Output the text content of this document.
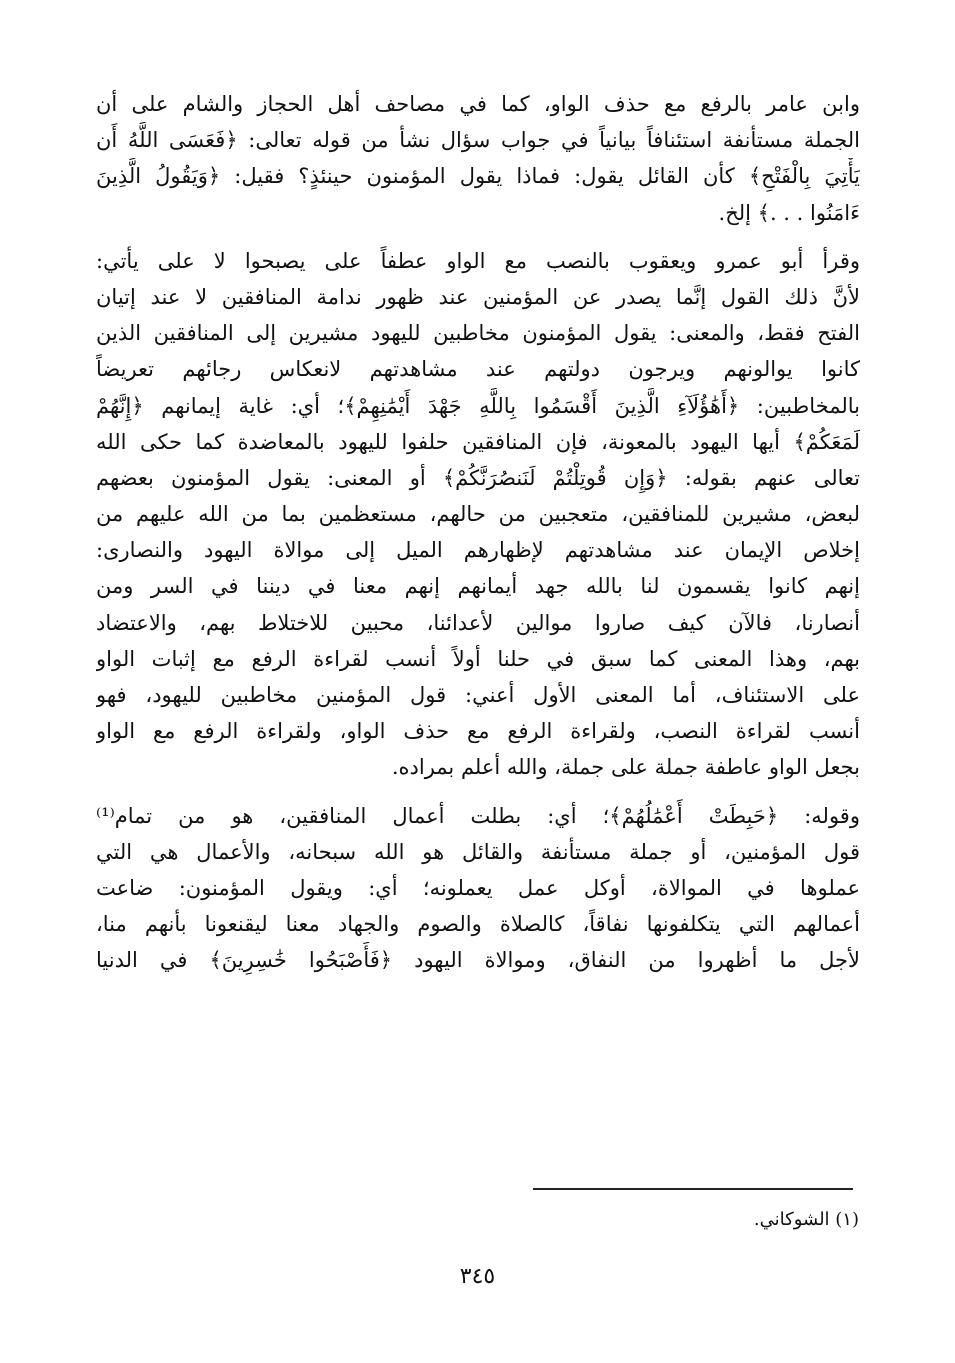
وابن عامر بالرفع مع حذف الواو، كما في مصاحف أهل الحجاز والشام على أن
الجملة مستأنفة استئنافاً بيانياً في جواب سؤال نشأ من قوله تعالى: ﴿فَعَسَى اللَّهُ أَن
يَأْتِيَ بِالْفَتْحِ﴾ كأن القائل يقول: فماذا يقول المؤمنون حينئذٍ؟ فقيل: ﴿وَيَقُولُ الَّذِينَ
ءَامَنُوا . . .﴾ إلخ.
وقرأ أبو عمرو ويعقوب بالنصب مع الواو عطفاً على يصبحوا لا على يأتي:
لأنَّ ذلك القول إنَّما يصدر عن المؤمنين عند ظهور ندامة المنافقين لا عند إتيان
الفتح فقط، والمعنى: يقول المؤمنون مخاطبين لليهود مشيرين إلى المنافقين الذين
كانوا يوالونهم ويرجون دولتهم عند مشاهدتهم لانعكاس رجائهم تعريضاً
بالمخاطبين: ﴿أَهَٰؤُلَآءِ الَّذِينَ أَقْسَمُوا بِاللَّهِ جَهْدَ أَيْمَٰنِهِمْ﴾؛ أي: غاية إيمانهم ﴿إِنَّهُمْ
لَمَعَكُمْ﴾ أيها اليهود بالمعونة، فإن المنافقين حلفوا لليهود بالمعاضدة كما حكى الله
تعالى عنهم بقوله: ﴿وَإِن قُوتِلْتُمْ لَنَنصُرَنَّكُمْ﴾ أو المعنى: يقول المؤمنون بعضهم
لبعض، مشيرين للمنافقين، متعجبين من حالهم، مستعظمين بما من الله عليهم من
إخلاص الإيمان عند مشاهدتهم لإظهارهم الميل إلى موالاة اليهود والنصارى:
إنهم كانوا يقسمون لنا بالله جهد أيمانهم إنهم معنا في ديننا في السر ومن
أنصارنا، فالآن كيف صاروا موالين لأعدائنا، محبين للاختلاط بهم، والاعتضاد
بهم، وهذا المعنى كما سبق في حلنا أولاً أنسب لقراءة الرفع مع إثبات الواو
على الاستئناف، أما المعنى الأول أعني: قول المؤمنين مخاطبين لليهود، فهو
أنسب لقراءة النصب، ولقراءة الرفع مع حذف الواو، ولقراءة الرفع مع الواو
بجعل الواو عاطفة جملة على جملة، والله أعلم بمراده.
وقوله: ﴿حَبِطَتْ أَعْمَٰلُهُمْ﴾؛ أي: بطلت أعمال المنافقين، هو من تمام⁽¹⁾
قول المؤمنين، أو جملة مستأنفة والقائل هو الله سبحانه، والأعمال هي التي
عملوها في الموالاة، أوكل عمل يعملونه؛ أي: ويقول المؤمنون: ضاعت
أعمالهم التي يتكلفونها نفاقاً، كالصلاة والصوم والجهاد معنا ليقنعونا بأنهم منا،
لأجل ما أظهروا من النفاق، وموالاة اليهود ﴿فَأَصْبَحُوا خَٰسِرِينَ﴾ في الدنيا
(١) الشوكاني.
٣٤٥
